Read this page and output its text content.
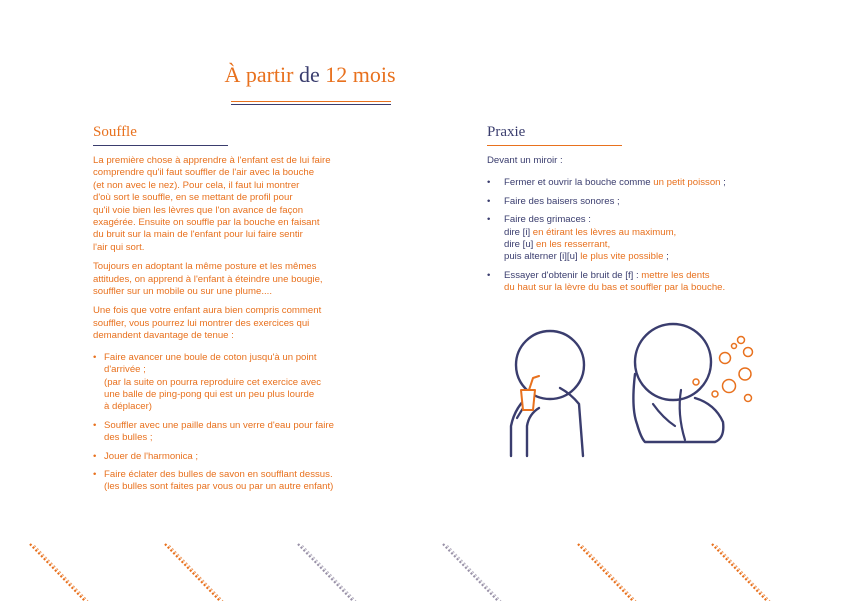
À partir de 12 mois
Souffle
La première chose à apprendre à l'enfant est de lui faire
comprendre qu'il faut souffler de l'air avec la bouche
(et non avec le nez). Pour cela, il faut lui montrer
d'où sort le souffle, en se mettant de profil pour
qu'il voie bien les lèvres que l'on avance de façon
exagérée. Ensuite on souffle par la bouche en faisant
du bruit sur la main de l'enfant pour lui faire sentir
l'air qui sort.
Toujours en adoptant la même posture et les mêmes
attitudes, on apprend à l'enfant à éteindre une bougie,
souffler sur un mobile ou sur une plume....
Une fois que votre enfant aura bien compris comment
souffler, vous pourrez lui montrer des exercices qui
demandent davantage de tenue :
• Faire avancer une boule de coton jusqu'à un point
d'arrivée ;
(par la suite on pourra reproduire cet exercice avec
une balle de ping-pong qui est un peu plus lourde
à déplacer)
• Souffler avec une paille dans un verre d'eau pour faire
des bulles ;
• Jouer de l'harmonica ;
• Faire éclater des bulles de savon en soufflant dessus.
(les bulles sont faites par vous ou par un autre enfant)
Praxie
Devant un miroir :
• Fermer et ouvrir la bouche comme un petit poisson ;
• Faire des baisers sonores ;
• Faire des grimaces :
dire [i] en étirant les lèvres au maximum,
dire [u] en les resserrant,
puis alterner [i][u] le plus vite possible ;
• Essayer d'obtenir le bruit de [f] : mettre les dents
du haut sur la lèvre du bas et souffler par la bouche.
